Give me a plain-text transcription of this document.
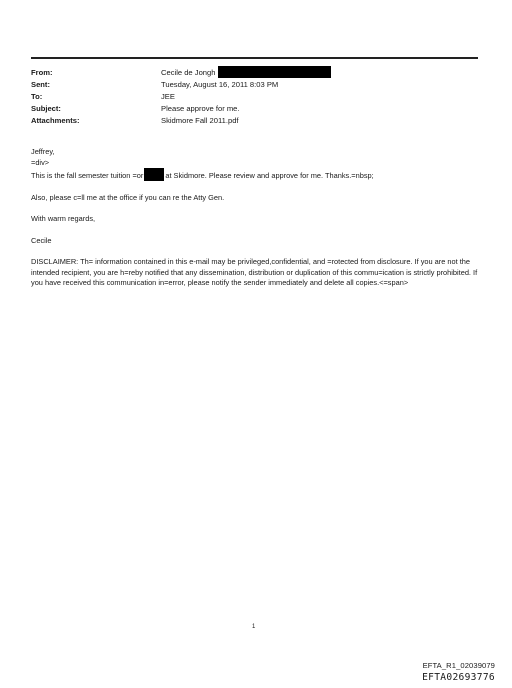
From:	Cecile de Jongh
Sent:	Tuesday, August 16, 2011 8:03 PM
To:	JEE
Subject:	Please approve for me.
Attachments:	Skidmore Fall 2011.pdf
Jeffrey,
=div>
This is the fall semester tuition =or	at Skidmore. Please review and approve for me. Thanks.=nbsp;
Also, please c=ll me at the office if you can re the Atty Gen.
With warm regards,
Cecile
DISCLAIMER: Th= information contained in this e-mail may be privileged,confidential, and =rotected from disclosure. If you are not the intended recipient, you are h=reby notified that any dissemination, distribution or duplication of this commu=ication is strictly prohibited. If you have received this communication in=error, please notify the sender immediately and delete all copies.<=span>
1
EFTA_R1_02039079
EFTA02693776
